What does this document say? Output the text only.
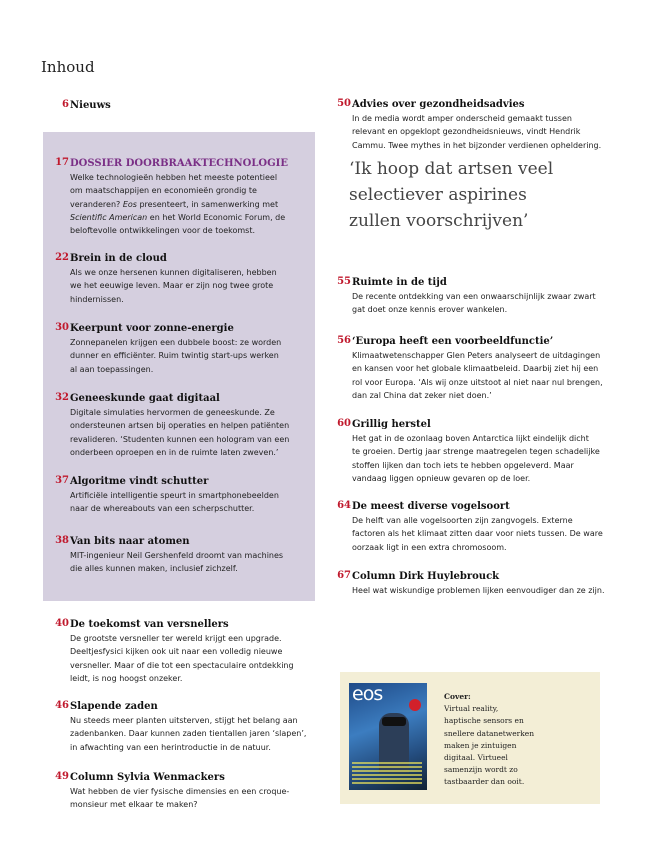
Inhoud
6 Nieuws
17 DOSSIER DOORBRAAKTECHNOLOGIE
Welke technologieën hebben het meeste potentieel
om maatschappijen en economieën grondig te
veranderen? Eos presenteert, in samenwerking met
Scientific American en het World Economic Forum, de
beloftevolle ontwikkelingen voor de toekomst.
22 Brein in de cloud
Als we onze hersenen kunnen digitaliseren, hebben
we het eeuwige leven. Maar er zijn nog twee grote
hindernissen.
30 Keerpunt voor zonne-energie
Zonnepanelen krijgen een dubbele boost: ze worden
dunner en efficiënter. Ruim twintig start-ups werken
al aan toepassingen.
32 Geneeskunde gaat digitaal
Digitale simulaties hervormen de geneeskunde. Ze
ondersteunen artsen bij operaties en helpen patiënten
revalideren. ‘Studenten kunnen een hologram van een
onderbeen oproepen en in de ruimte laten zweven.’
37 Algoritme vindt schutter
Artificiële intelligentie speurt in smartphonebeelden
naar de whereabouts van een scherpschutter.
38 Van bits naar atomen
MIT-ingenieur Neil Gershenfeld droomt van machines
die alles kunnen maken, inclusief zichzelf.
40 De toekomst van versnellers
De grootste versneller ter wereld krijgt een upgrade.
Deeltjesfysici kijken ook uit naar een volledig nieuwe
versneller. Maar of die tot een spectaculaire ontdekking
leidt, is nog hoogst onzeker.
46 Slapende zaden
Nu steeds meer planten uitsterven, stijgt het belang aan
zadenbanken. Daar kunnen zaden tientallen jaren ‘slapen’,
in afwachting van een herintroductie in de natuur.
49 Column Sylvia Wenmackers
Wat hebben de vier fysische dimensies en een croque-
monsieur met elkaar te maken?
50 Advies over gezondheidsadvies
In de media wordt amper onderscheid gemaakt tussen
relevant en opgeklopt gezondheidsnieuws, vindt Hendrik
Cammu. Twee mythes in het bijzonder verdienen opheldering.
55 Ruimte in de tijd
De recente ontdekking van een onwaarschijnlijk zwaar zwart
gat doet onze kennis erover wankelen.
56 ‘Europa heeft een voorbeeldfunctie’
Klimaatwetenschapper Glen Peters analyseert de uitdagingen
en kansen voor het globale klimaatbeleid. Daarbij ziet hij een
rol voor Europa. ‘Als wij onze uitstoot al niet naar nul brengen,
dan zal China dat zeker niet doen.’
60 Grillig herstel
Het gat in de ozonlaag boven Antarctica lijkt eindelijk dicht
te groeien. Dertig jaar strenge maatregelen tegen schadelijke
stoffen lijken dan toch iets te hebben opgeleverd. Maar
vandaag liggen opnieuw gevaren op de loer.
64 De meest diverse vogelsoort
De helft van alle vogelsoorten zijn zangvogels. Externe
factoren als het klimaat zitten daar voor niets tussen. De ware
oorzaak ligt in een extra chromosoom.
67 Column Dirk Huylebrouck
Heel wat wiskundige problemen lijken eenvoudiger dan ze zijn.
‘Ik hoop dat artsen veel
selectiever aspirines
zullen voorschrijven’
eos	Cover:
Virtual reality,
haptische sensors en
snellere datanetwerken
maken je zintuigen
digitaal. Virtueel
samenzijn wordt zo
tastbaarder dan ooit.
